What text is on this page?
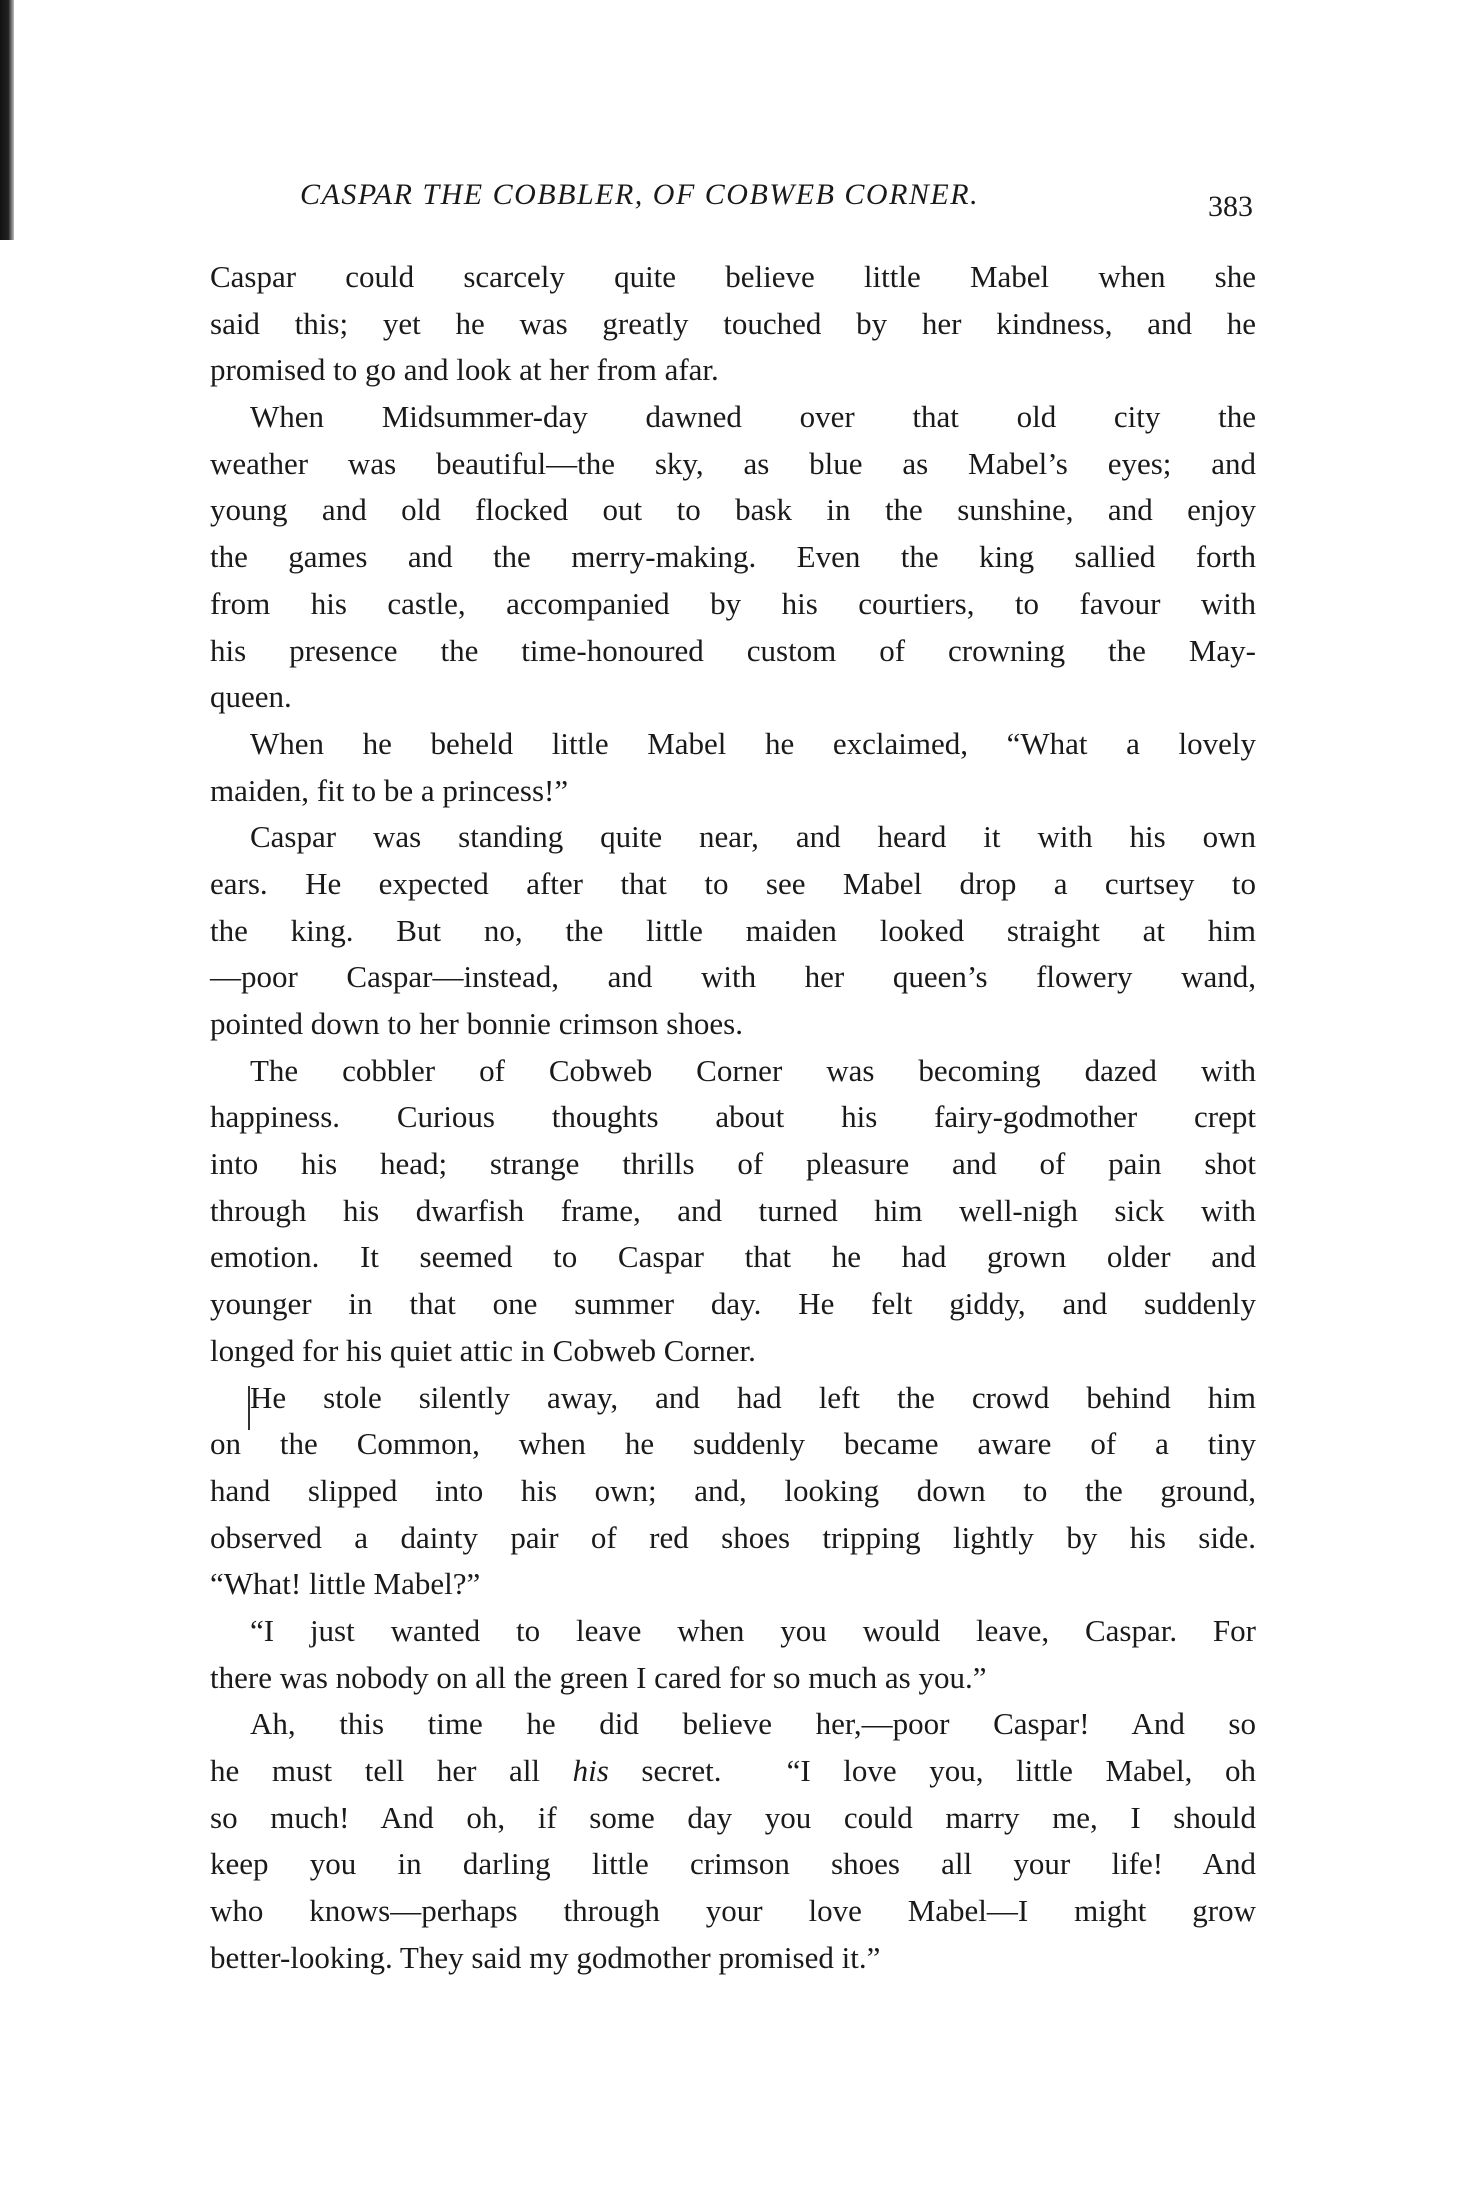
CASPAR THE COBBLER, OF COBWEB CORNER.	383
Caspar could scarcely quite believe little Mabel when she
said this; yet he was greatly touched by her kindness, and he
promised to go and look at her from afar.
When Midsummer-day dawned over that old city the
weather was beautiful—the sky, as blue as Mabel’s eyes; and
young and old flocked out to bask in the sunshine, and enjoy
the games and the merry-making. Even the king sallied forth
from his castle, accompanied by his courtiers, to favour with
his presence the time-honoured custom of crowning the May-
queen.
When he beheld little Mabel he exclaimed, “What a lovely
maiden, fit to be a princess!”
Caspar was standing quite near, and heard it with his own
ears. He expected after that to see Mabel drop a curtsey to
the king. But no, the little maiden looked straight at him
—poor Caspar—instead, and with her queen’s flowery wand,
pointed down to her bonnie crimson shoes.
The cobbler of Cobweb Corner was becoming dazed with
happiness. Curious thoughts about his fairy-godmother crept
into his head; strange thrills of pleasure and of pain shot
through his dwarfish frame, and turned him well-nigh sick with
emotion. It seemed to Caspar that he had grown older and
younger in that one summer day. He felt giddy, and suddenly
longed for his quiet attic in Cobweb Corner.
He stole silently away, and had left the crowd behind him
on the Common, when he suddenly became aware of a tiny
hand slipped into his own; and, looking down to the ground,
observed a dainty pair of red shoes tripping lightly by his side.
“What! little Mabel?”
“I just wanted to leave when you would leave, Caspar. For
there was nobody on all the green I cared for so much as you.”
Ah, this time he did believe her,—poor Caspar! And so
he must tell her all his secret.  “I love you, little Mabel, oh
so much! And oh, if some day you could marry me, I should
keep you in darling little crimson shoes all your life! And
who knows—perhaps through your love Mabel—I might grow
better-looking. They said my godmother promised it.”
